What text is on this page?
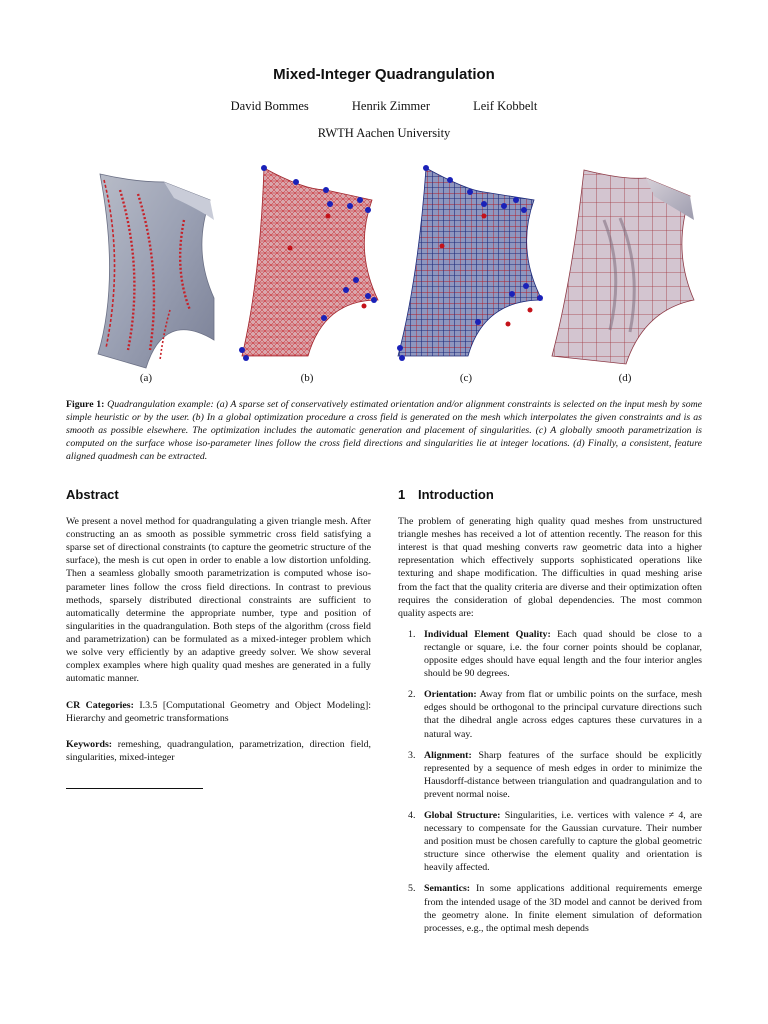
Mixed-Integer Quadrangulation
David Bommes	Henrik Zimmer	Leif Kobbelt
RWTH Aachen University
(a)	(b)	(c)	(d)
Figure 1: Quadrangulation example: (a) A sparse set of conservatively estimated orientation and/or alignment constraints is selected on the input mesh by some simple heuristic or by the user. (b) In a global optimization procedure a cross field is generated on the mesh which interpolates the given constraints and is as smooth as possible elsewhere. The optimization includes the automatic generation and placement of singularities. (c) A globally smooth parametrization is computed on the surface whose iso-parameter lines follow the cross field directions and singularities lie at integer locations. (d) Finally, a consistent, feature aligned quadmesh can be extracted.
Abstract

We present a novel method for quadrangulating a given triangle mesh. After constructing an as smooth as possible symmetric cross field satisfying a sparse set of directional constraints (to capture the geometric structure of the surface), the mesh is cut open in order to enable a low distortion unfolding. Then a seamless globally smooth parametrization is computed whose iso-parameter lines follow the cross field directions. In contrast to previous methods, sparsely distributed directional constraints are sufficient to automatically determine the appropriate number, type and position of singularities in the quadrangulation. Both steps of the algorithm (cross field and parametrization) can be formulated as a mixed-integer problem which we solve very efficiently by an adaptive greedy solver. We show several complex examples where high quality quad meshes are generated in a fully automatic manner.

CR Categories: I.3.5 [Computational Geometry and Object Modeling]: Hierarchy and geometric transformations

Keywords: remeshing, quadrangulation, parametrization, direction field, singularities, mixed-integer

1 Introduction

The problem of generating high quality quad meshes from unstructured triangle meshes has received a lot of attention recently. The reason for this interest is that quad meshing converts raw geometric data into a higher representation which effectively supports sophisticated operations like texturing and shape modification. The difficulties in quad meshing arise from the fact that the quality criteria are diverse and their optimization often requires the consideration of global dependencies. The most common quality aspects are:

1. Individual Element Quality: Each quad should be close to a rectangle or square, i.e. the four corner points should be coplanar, opposite edges should have equal length and the four interior angles should be 90 degrees.
2. Orientation: Away from flat or umbilic points on the surface, mesh edges should be orthogonal to the principal curvature directions such that the dihedral angle across edges captures these curvatures in a natural way.
3. Alignment: Sharp features of the surface should be explicitly represented by a sequence of mesh edges in order to minimize the Hausdorff-distance between triangulation and quadrangulation and to prevent normal noise.
4. Global Structure: Singularities, i.e. vertices with valence ≠ 4, are necessary to compensate for the Gaussian curvature. Their number and position must be chosen carefully to capture the global geometric structure since otherwise the element quality and orientation is heavily affected.
5. Semantics: In some applications additional requirements emerge from the intended usage of the 3D model and cannot be derived from the geometry alone. In finite element simulation of deformation processes, e.g., the optimal mesh depends
